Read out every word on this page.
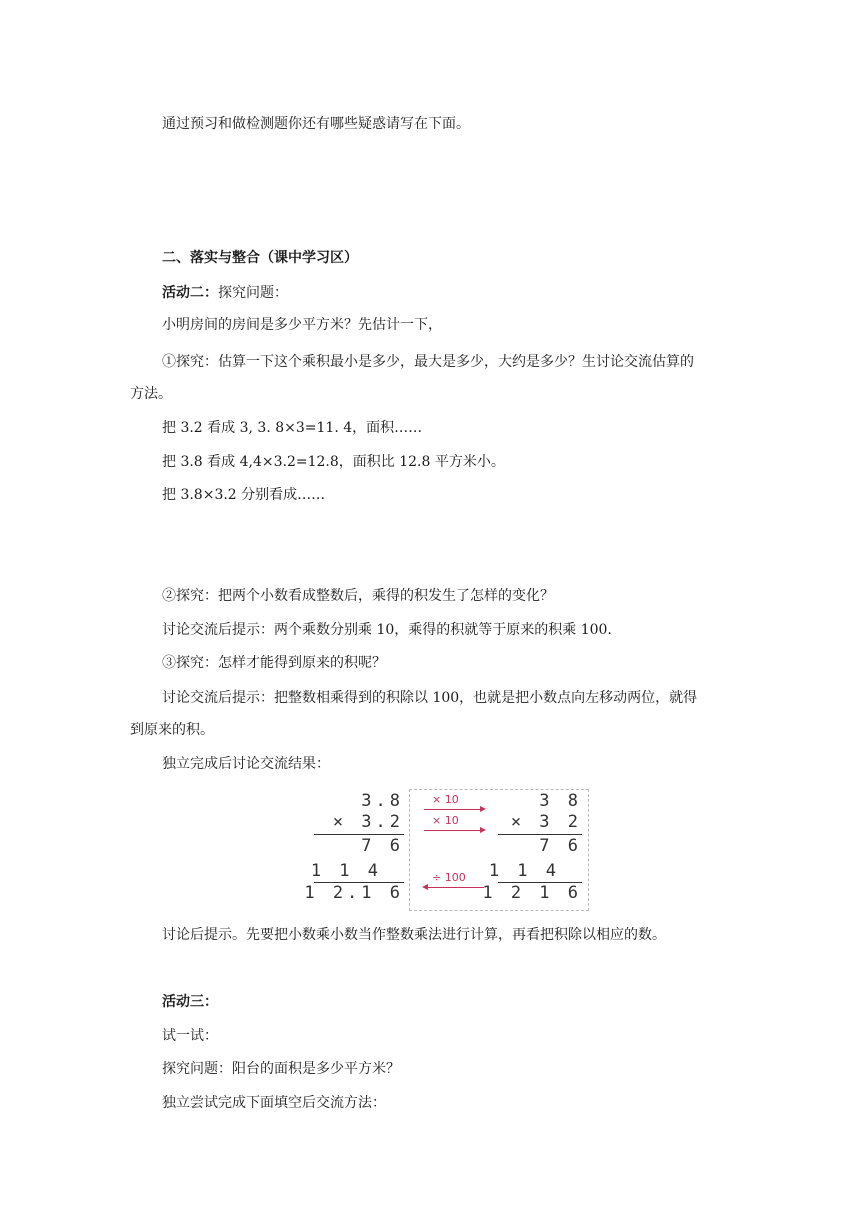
通过预习和做检测题你还有哪些疑惑请写在下面。
二、落实与整合（课中学习区）
活动二：探究问题：
小明房间的房间是多少平方米？先估计一下，
①探究：估算一下这个乘积最小是多少，最大是多少，大约是多少？生讨论交流估算的
方法。
把 3.2 看成 3, 3. 8×3=11. 4，面积……
把 3.8 看成 4,4×3.2=12.8，面积比 12.8 平方米小。
把 3.8×3.2 分别看成……
②探究：把两个小数看成整数后，乘得的积发生了怎样的变化？
讨论交流后提示：两个乘数分别乘 10，乘得的积就等于原来的积乘 100.
③探究：怎样才能得到原来的积呢？
讨论交流后提示：把整数相乘得到的积除以 100，也就是把小数点向左移动两位，就得
到原来的积。
独立完成后讨论交流结果：
3.8
× 3.2
7 6
1 1 4
1 2.1 6
× 10
× 10
÷ 100
3 8
× 3 2
7 6
1 1 4
1 2 1 6
讨论后提示。先要把小数乘小数当作整数乘法进行计算，再看把积除以相应的数。
活动三：
试一试：
探究问题：阳台的面积是多少平方米？
独立尝试完成下面填空后交流方法：
